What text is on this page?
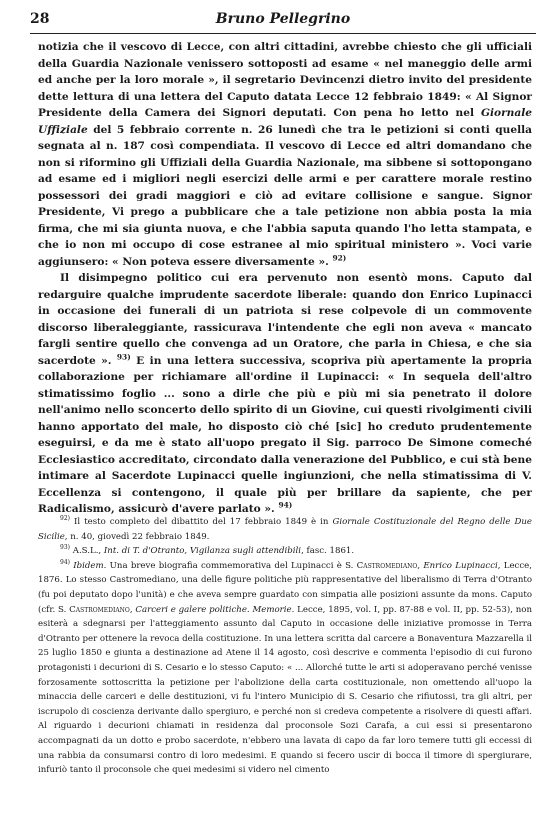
28	Bruno Pellegrino

notizia che il vescovo di Lecce, con altri cittadini, avrebbe chiesto che gli ufficiali della Guardia Nazionale venissero sottoposti ad esame « nel maneggio delle armi ed anche per la loro morale », il segretario Devincenzi dietro invito del presidente dette lettura di una lettera del Caputo datata Lecce 12 febbraio 1849: « Al Signor Presidente della Camera dei Signori deputati. Con pena ho letto nel Giornale Uffiziale del 5 febbraio corrente n. 26 lunedì che tra le petizioni si conti quella segnata al n. 187 così compendiata. Il vescovo di Lecce ed altri domandano che non si riformino gli Uffiziali della Guardia Nazionale, ma sibbene si sottopongano ad esame ed i migliori negli esercizi delle armi e per carattere morale restino possessori dei gradi maggiori e ciò ad evitare collisione e sangue. Signor Presidente, Vi prego a pubblicare che a tale petizione non abbia posta la mia firma, che mi sia giunta nuova, e che l'abbia saputa quando l'ho letta stampata, e che io non mi occupo di cose estranee al mio spiritual ministero ». Voci varie aggiunsero: « Non poteva essere diversamente ». $^{92)}$

Il disimpegno politico cui era pervenuto non esentò mons. Caputo dal redarguire qualche imprudente sacerdote liberale: quando don Enrico Lupinacci in occasione dei funerali di un patriota si rese colpevole di un commovente discorso liberaleggiante, rassicurava l'intendente che egli non aveva « mancato fargli sentire quello che convenga ad un Oratore, che parla in Chiesa, e che sia sacerdote ». $^{93)}$ E in una lettera successiva, scopriva più apertamente la propria collaborazione per richiamare all'ordine il Lupinacci: « In sequela dell'altro stimatissimo foglio ... sono a dirle che più e più mi sia penetrato il dolore nell'animo nello sconcerto dello spirito di un Giovine, cui questi rivolgimenti civili hanno apportato del male, ho disposto ciò ché [sic] ho creduto prudentemente eseguirsi, e da me è stato all'uopo pregato il Sig. parroco De Simone comeché Ecclesiastico accreditato, circondato dalla venerazione del Pubblico, e cui stà bene intimare al Sacerdote Lupinacci quelle ingiunzioni, che nella stimatissima di V. Eccellenza si contengono, il quale più per brillare da sapiente, che per Radicalismo, assicurò d'avere parlato ». $^{94)}$

$^{92)}$ Il testo completo del dibattito del 17 febbraio 1849 è in Giornale Costituzionale del Regno delle Due Sicilie, n. 40, giovedì 22 febbraio 1849.

$^{93)}$ A.S.L., Int. di T. d'Otranto, Vigilanza sugli attendibili, fasc. 1861.

$^{94)}$ Ibidem. Una breve biografia commemorativa del Lupinacci è S. Castromediano, Enrico Lupinacci, Lecce, 1876. Lo stesso Castromediano, una delle figure politiche più rappresentative del liberalismo di Terra d'Otranto (fu poi deputato dopo l'unità) e che aveva sempre guardato con simpatia alle posizioni assunte da mons. Caputo (cfr. S. Castromediano, Carceri e galere politiche. Memorie. Lecce, 1895, vol. I, pp. 87-88 e vol. II, pp. 52-53), non esiterà a sdegnarsi per l'atteggiamento assunto dal Caputo in occasione delle iniziative promosse in Terra d'Otranto per ottenere la revoca della costituzione. In una lettera scritta dal carcere a Bonaventura Mazzarella il 25 luglio 1850 e giunta a destinazione ad Atene il 14 agosto, così descrive e commenta l'episodio di cui furono protagonisti i decurioni di S. Cesario e lo stesso Caputo: « ... Allorché tutte le arti si adoperavano perché venisse forzosamente sottoscritta la petizione per l'abolizione della carta costituzionale, non omettendo all'uopo la minaccia delle carceri e delle destituzioni, vi fu l'intero Municipio di S. Cesario che rifiutossi, tra gli altri, per iscrupolo di coscienza derivante dallo spergiuro, e perché non si credeva competente a risolvere di questi affari. Al riguardo i decurioni chiamati in residenza dal proconsole Sozi Carafa, a cui essi si presentarono accompagnati da un dotto e probo sacerdote, n'ebbero una lavata di capo da far loro temere tutti gli eccessi di una rabbia da consumarsi contro di loro medesimi. E quando si fecero uscir di bocca il timore di spergiurare, infuriò tanto il proconsole che quei medesimi si videro nel cimento
